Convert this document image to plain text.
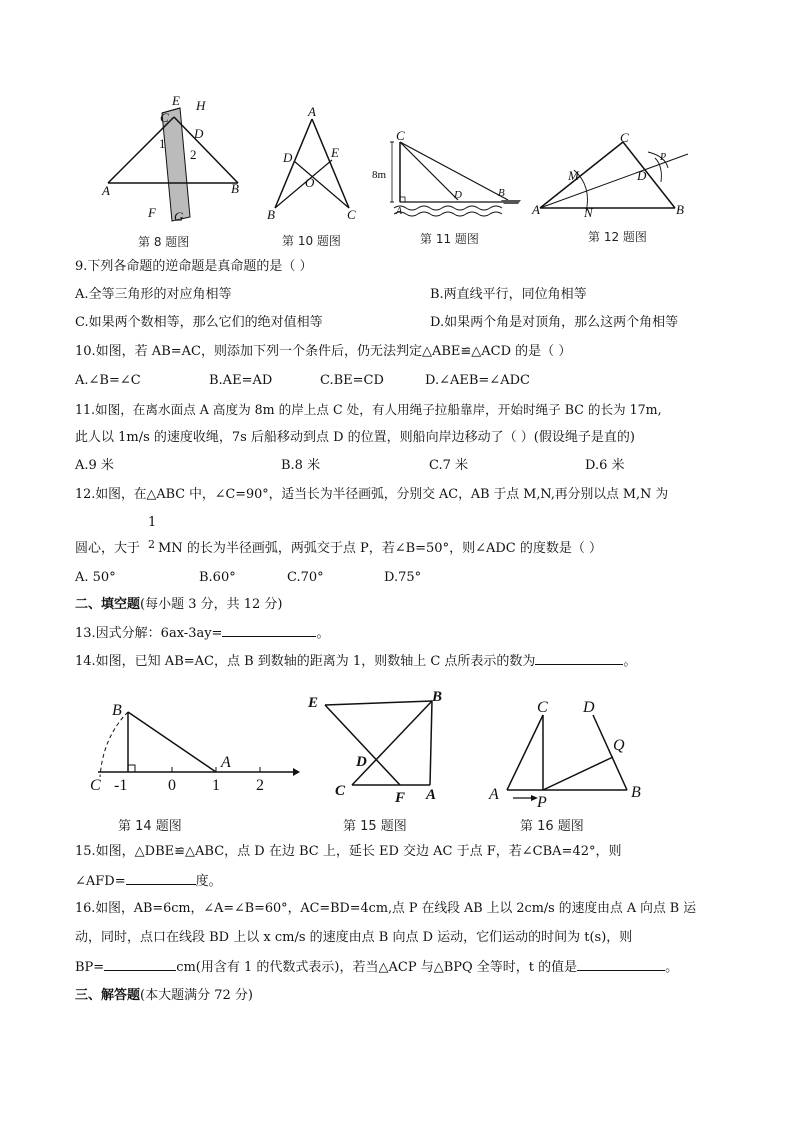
E H
C
D
1
2
A	B
F G
第 8 题图
A
D	E
O
B	C
第 10 题图
C
8m
D	B
A
第 11 题图
C
M
P
D
A	N	B
第 12 题图
9.下列各命题的逆命题是真命题的是（ ）
A.全等三角形的对应角相等	B.两直线平行，同位角相等
C.如果两个数相等，那么它们的绝对值相等	D.如果两个角是对顶角，那么这两个角相等
10.如图，若 AB=AC，则添加下列一个条件后，仍无法判定△ABE≌△ACD 的是（ ）
A.∠B=∠C	B.AE=AD	C.BE=CD	D.∠AEB=∠ADC
11.如图，在离水面点 A 高度为 8m 的岸上点 C 处，有人用绳子拉船靠岸，开始时绳子 BC 的长为 17m,
此人以 1m/s 的速度收绳，7s 后船移动到点 D 的位置，则船向岸边移动了（ ）(假设绳子是直的)
A.9 米	B.8 米	C.7 米	D.6 米
12.如图，在△ABC 中，∠C=90°，适当长为半径画弧，分别交 AC，AB 于点 M,N,再分别以点 M,N 为
1
圆心，大于 2 MN 的长为半径画弧，两弧交于点 P，若∠B=50°，则∠ADC 的度数是（ ）
A. 50°	B.60°	C.70°	D.75°
二、填空题(每小题 3 分，共 12 分)
13.因式分解：6ax-3ay=	。
14.如图，已知 AB=AC，点 B 到数轴的距离为 1，则数轴上 C 点所表示的数为	。
B
A
C -1	0 1 2
第 14 题图
E	B
D
C	F A
第 15 题图
C D
Q
A P
B
第 16 题图
15.如图，△DBE≌△ABC，点 D 在边 BC 上，延长 ED 交边 AC 于点 F，若∠CBA=42°，则
∠AFD=	度。
16.如图，AB=6cm，∠A=∠B=60°，AC=BD=4cm,点 P 在线段 AB 上以 2cm/s 的速度由点 A 向点 B 运
动，同时，点口在线段 BD 上以 x cm/s 的速度由点 B 向点 D 运动，它们运动的时间为 t(s)，则
BP=	cm(用含有 1 的代数式表示)，若当△ACP 与△BPQ 全等时，t 的值是	。
三、解答题(本大题满分 72 分)
